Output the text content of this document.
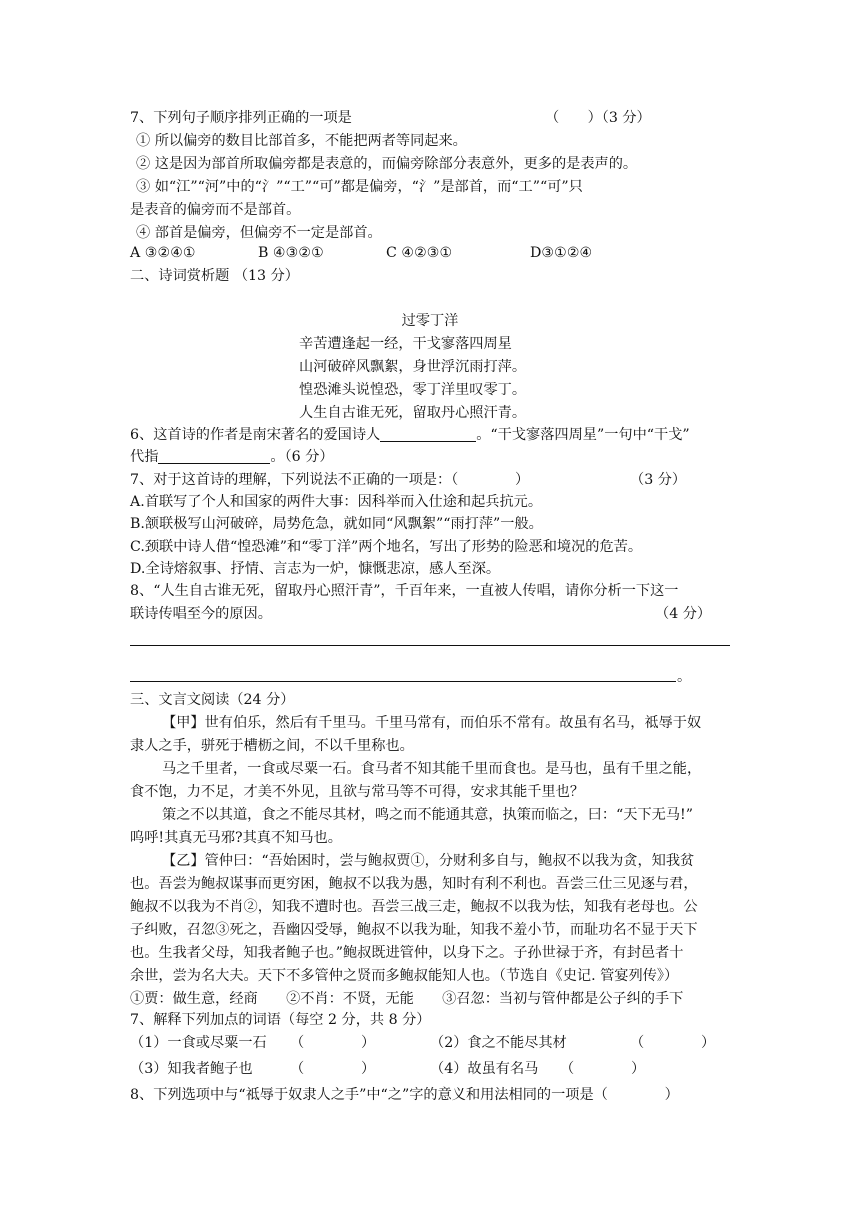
7、下列句子顺序排列正确的一项是	（　　）（3 分）
① 所以偏旁的数目比部首多，不能把两者等同起来。
② 这是因为部首所取偏旁都是表意的，而偏旁除部分表意外，更多的是表声的。
③ 如“江”“河”中的“氵”“工”“可”都是偏旁，“氵”是部首，而“工”“可”只
是表音的偏旁而不是部首。
④ 部首是偏旁，但偏旁不一定是部首。
A ③②④①	B ④③②①	C ④②③①	D③①②④
二、诗词赏析题 （13 分）
过零丁洋
辛苦遭逢起一经，干戈寥落四周星
山河破碎风飘絮，身世浮沉雨打萍。
惶恐滩头说惶恐，零丁洋里叹零丁。
人生自古谁无死，留取丹心照汗青。
6、这首诗的作者是南宋著名的爱国诗人	。“干戈寥落四周星”一句中“干戈”
代指	。（6 分）
7、对于这首诗的理解，下列说法不正确的一项是：（　　　　）	（3 分）
A.首联写了个人和国家的两件大事：因科举而入仕途和起兵抗元。
B.颔联极写山河破碎，局势危急，就如同“风飘絮”“雨打萍”一般。
C.颈联中诗人借“惶恐滩”和“零丁洋”两个地名，写出了形势的险恶和境况的危苦。
D.全诗熔叙事、抒情、言志为一炉，慷慨悲凉，感人至深。
8、“人生自古谁无死，留取丹心照汗青”，千百年来，一直被人传唱，请你分析一下这一
联诗传唱至今的原因。	（4 分）
。
三、文言文阅读（24 分）
【甲】世有伯乐，然后有千里马。千里马常有，而伯乐不常有。故虽有名马，祗辱于奴
隶人之手，骈死于槽枥之间，不以千里称也。
马之千里者，一食或尽粟一石。食马者不知其能千里而食也。是马也，虽有千里之能，
食不饱，力不足，才美不外见，且欲与常马等不可得，安求其能千里也？
策之不以其道，食之不能尽其材，鸣之而不能通其意，执策而临之，曰：“天下无马!”
呜呼!其真无马邪?其真不知马也。
【乙】管仲曰：“吾始困时，尝与鲍叔贾①，分财利多自与，鲍叔不以我为贪，知我贫
也。吾尝为鲍叔谋事而更穷困，鲍叔不以我为愚，知时有利不利也。吾尝三仕三见逐与君，
鲍叔不以我为不肖②，知我不遭时也。吾尝三战三走，鲍叔不以我为怯，知我有老母也。公
子纠败，召忽③死之，吾幽囚受辱，鲍叔不以我为耻，知我不羞小节，而耻功名不显于天下
也。生我者父母，知我者鲍子也。”鲍叔既进管仲，以身下之。子孙世禄于齐，有封邑者十
余世，尝为名大夫。天下不多管仲之贤而多鲍叔能知人也。（节选自《史记. 管宴列传》）
①贾：做生意，经商　　②不肖：不贤，无能　　③召忽：当初与管仲都是公子纠的手下
7、解释下列加点的词语（每空 2 分，共 8 分）
（1）一食或尽粟一石 （　　　　）	（2）食之不能尽其材	（　　　　）
（3）知我者鲍子也	（　　　　）	（4）故虽有名马 （　　　　）
8、下列选项中与“祗辱于奴隶人之手”中“之”字的意义和用法相同的一项是（　　　　）
